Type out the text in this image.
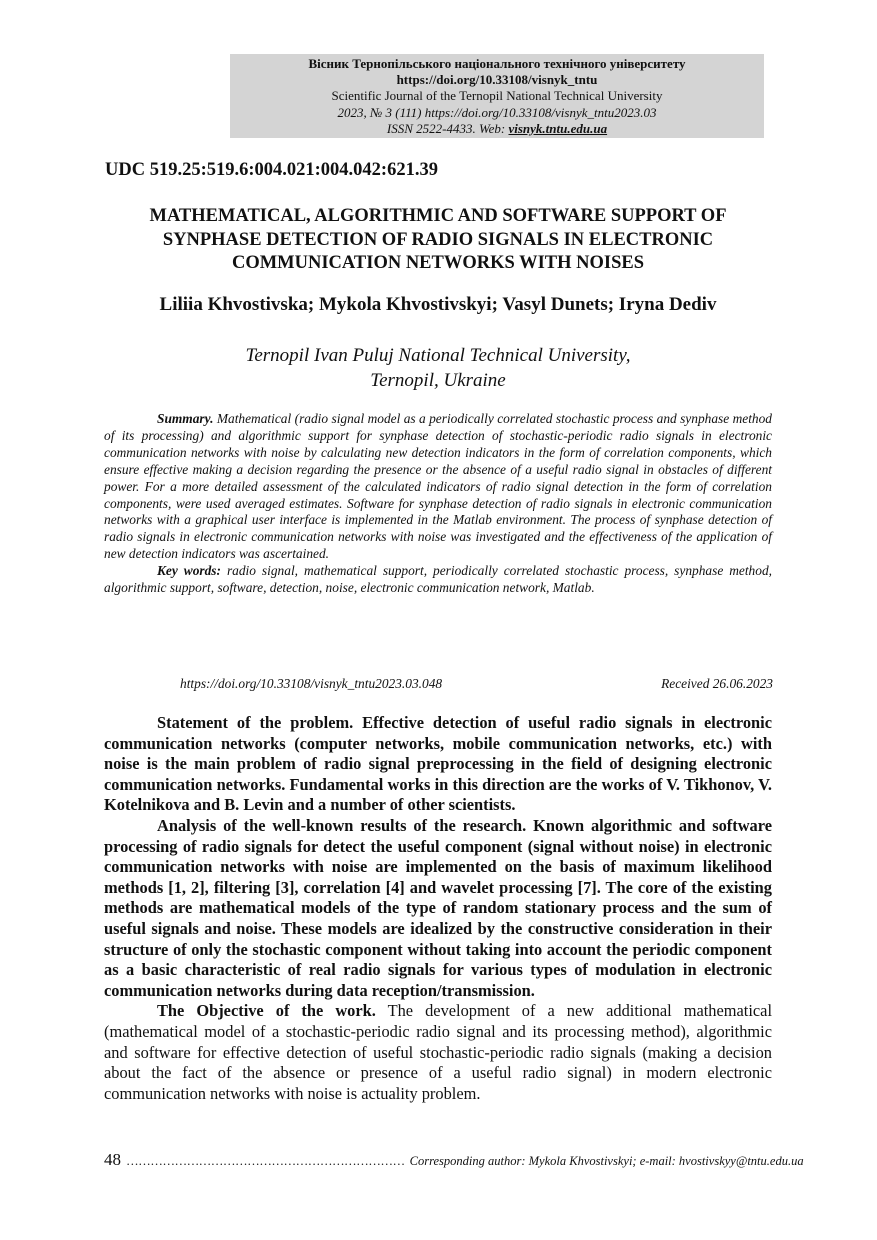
Вісник Тернопільського національного технічного університету
https://doi.org/10.33108/visnyk_tntu
Scientific Journal of the Ternopil National Technical University
2023, № 3 (111) https://doi.org/10.33108/visnyk_tntu2023.03
ISSN 2522-4433. Web: visnyk.tntu.edu.ua
UDC 519.25:519.6:004.021:004.042:621.39
MATHEMATICAL, ALGORITHMIC AND SOFTWARE SUPPORT OF SYNPHASE DETECTION OF RADIO SIGNALS IN ELECTRONIC COMMUNICATION NETWORKS WITH NOISES
Liliia Khvostivska; Mykola Khvostivskyi; Vasyl Dunets; Iryna Dediv
Ternopil Ivan Puluj National Technical University,
Ternopil, Ukraine

Summary. Mathematical (radio signal model as a periodically correlated stochastic process and synphase method of its processing) and algorithmic support for synphase detection of stochastic-periodic radio signals in electronic communication networks with noise by calculating new detection indicators in the form of correlation components, which ensure effective making a decision regarding the presence or the absence of a useful radio signal in obstacles of different power. For a more detailed assessment of the calculated indicators of radio signal detection in the form of correlation components, were used averaged estimates. Software for synphase detection of radio signals in electronic communication networks with a graphical user interface is implemented in the Matlab environment. The process of synphase detection of radio signals in electronic communication networks with noise was investigated and the effectiveness of the application of new detection indicators was ascertained.

Key words: radio signal, mathematical support, periodically correlated stochastic process, synphase method, algorithmic support, software, detection, noise, electronic communication network, Matlab.

https://doi.org/10.33108/visnyk_tntu2023.03.048	Received 26.06.2023

Statement of the problem. Effective detection of useful radio signals in electronic communication networks (computer networks, mobile communication networks, etc.) with noise is the main problem of radio signal preprocessing in the field of designing electronic communication networks. Fundamental works in this direction are the works of V. Tikhonov, V. Kotelnikova and B. Levin and a number of other scientists.

Analysis of the well-known results of the research. Known algorithmic and software processing of radio signals for detect the useful component (signal without noise) in electronic communication networks with noise are implemented on the basis of maximum likelihood methods [1, 2], filtering [3], correlation [4] and wavelet processing [7]. The core of the existing methods are mathematical models of the type of random stationary process and the sum of useful signals and noise. These models are idealized by the constructive consideration in their structure of only the stochastic component without taking into account the periodic component as a basic characteristic of real radio signals for various types of modulation in electronic communication networks during data reception/transmission.

The Objective of the work. The development of a new additional mathematical (mathematical model of a stochastic-periodic radio signal and its processing method), algorithmic and software for effective detection of useful stochastic-periodic radio signals (making a decision about the fact of the absence or presence of a useful radio signal) in modern electronic communication networks with noise is actuality problem.

48 …………………………………………………………… Corresponding author: Mykola Khvostivskyi; e-mail: hvostivskyy@tntu.edu.ua
